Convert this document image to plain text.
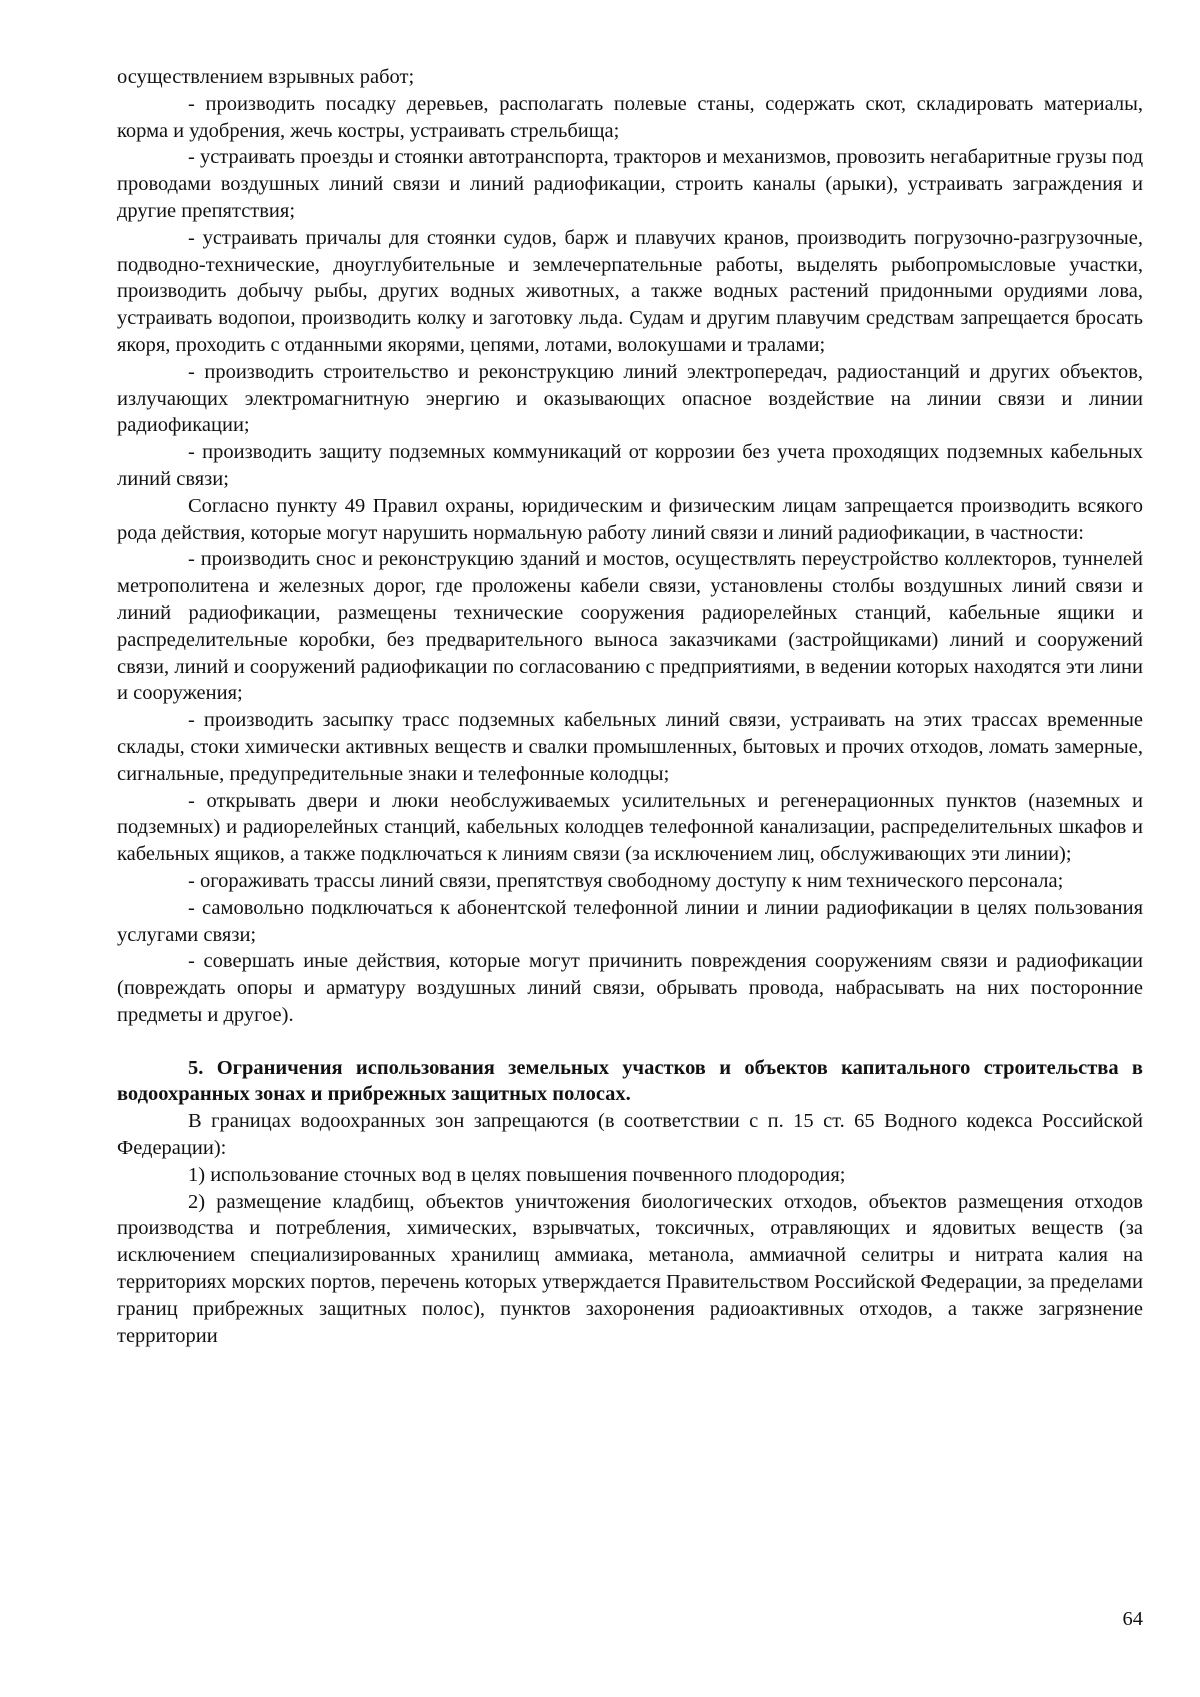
осуществлением взрывных работ;

- производить посадку деревьев, располагать полевые станы, содержать скот, складировать материалы, корма и удобрения, жечь костры, устраивать стрельбища;

- устраивать проезды и стоянки автотранспорта, тракторов и механизмов, провозить негабаритные грузы под проводами воздушных линий связи и линий радиофикации, строить каналы (арыки), устраивать заграждения и другие препятствия;

- устраивать причалы для стоянки судов, барж и плавучих кранов, производить погрузочно-разгрузочные, подводно-технические, дноуглубительные и землечерпательные работы, выделять рыбопромысловые участки, производить добычу рыбы, других водных животных, а также водных растений придонными орудиями лова, устраивать водопои, производить колку и заготовку льда. Судам и другим плавучим средствам запрещается бросать якоря, проходить с отданными якорями, цепями, лотами, волокушами и тралами;

- производить строительство и реконструкцию линий электропередач, радиостанций и других объектов, излучающих электромагнитную энергию и оказывающих опасное воздействие на линии связи и линии радиофикации;

- производить защиту подземных коммуникаций от коррозии без учета проходящих подземных кабельных линий связи;

Согласно пункту 49 Правил охраны, юридическим и физическим лицам запрещается производить всякого рода действия, которые могут нарушить нормальную работу линий связи и линий радиофикации, в частности:

- производить снос и реконструкцию зданий и мостов, осуществлять переустройство коллекторов, туннелей метрополитена и железных дорог, где проложены кабели связи, установлены столбы воздушных линий связи и линий радиофикации, размещены технические сооружения радиорелейных станций, кабельные ящики и распределительные коробки, без предварительного выноса заказчиками (застройщиками) линий и сооружений связи, линий и сооружений радиофикации по согласованию с предприятиями, в ведении которых находятся эти лини и сооружения;

- производить засыпку трасс подземных кабельных линий связи, устраивать на этих трассах временные склады, стоки химически активных веществ и свалки промышленных, бытовых и прочих отходов, ломать замерные, сигнальные, предупредительные знаки и телефонные колодцы;

- открывать двери и люки необслуживаемых усилительных и регенерационных пунктов (наземных и подземных) и радиорелейных станций, кабельных колодцев телефонной канализации, распределительных шкафов и кабельных ящиков, а также подключаться к линиям связи (за исключением лиц, обслуживающих эти линии);

- огораживать трассы линий связи, препятствуя свободному доступу к ним технического персонала;

- самовольно подключаться к абонентской телефонной линии и линии радиофикации в целях пользования услугами связи;

- совершать иные действия, которые могут причинить повреждения сооружениям связи и радиофикации (повреждать опоры и арматуру воздушных линий связи, обрывать провода, набрасывать на них посторонние предметы и другое).

5. Ограничения использования земельных участков и объектов капитального строительства в водоохранных зонах и прибрежных защитных полосах.

В границах водоохранных зон запрещаются (в соответствии с п. 15 ст. 65 Водного кодекса Российской Федерации):

1) использование сточных вод в целях повышения почвенного плодородия;

2) размещение кладбищ, объектов уничтожения биологических отходов, объектов размещения отходов производства и потребления, химических, взрывчатых, токсичных, отравляющих и ядовитых веществ (за исключением специализированных хранилищ аммиака, метанола, аммиачной селитры и нитрата калия на территориях морских портов, перечень которых утверждается Правительством Российской Федерации, за пределами границ прибрежных защитных полос), пунктов захоронения радиоактивных отходов, а также загрязнение территории

64
